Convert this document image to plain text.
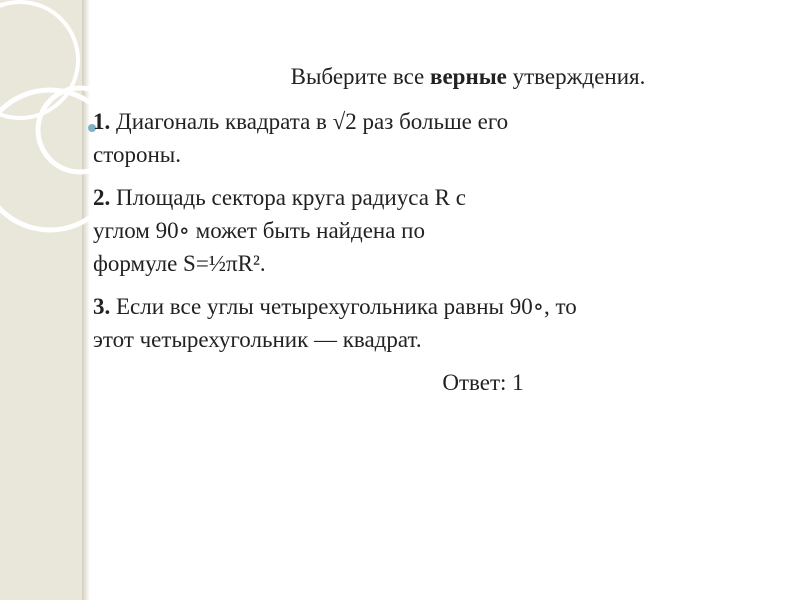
Выберите все верные утверждения.

1. Диагональ квадрата в √2 раз больше его
стороны.

2. Площадь сектора круга радиуса R с
углом 90∘ может быть найдена по
формуле S=½πR².

3. Если все углы четырехугольника равны 90∘, то
этот четырехугольник — квадрат.

Ответ: 1
